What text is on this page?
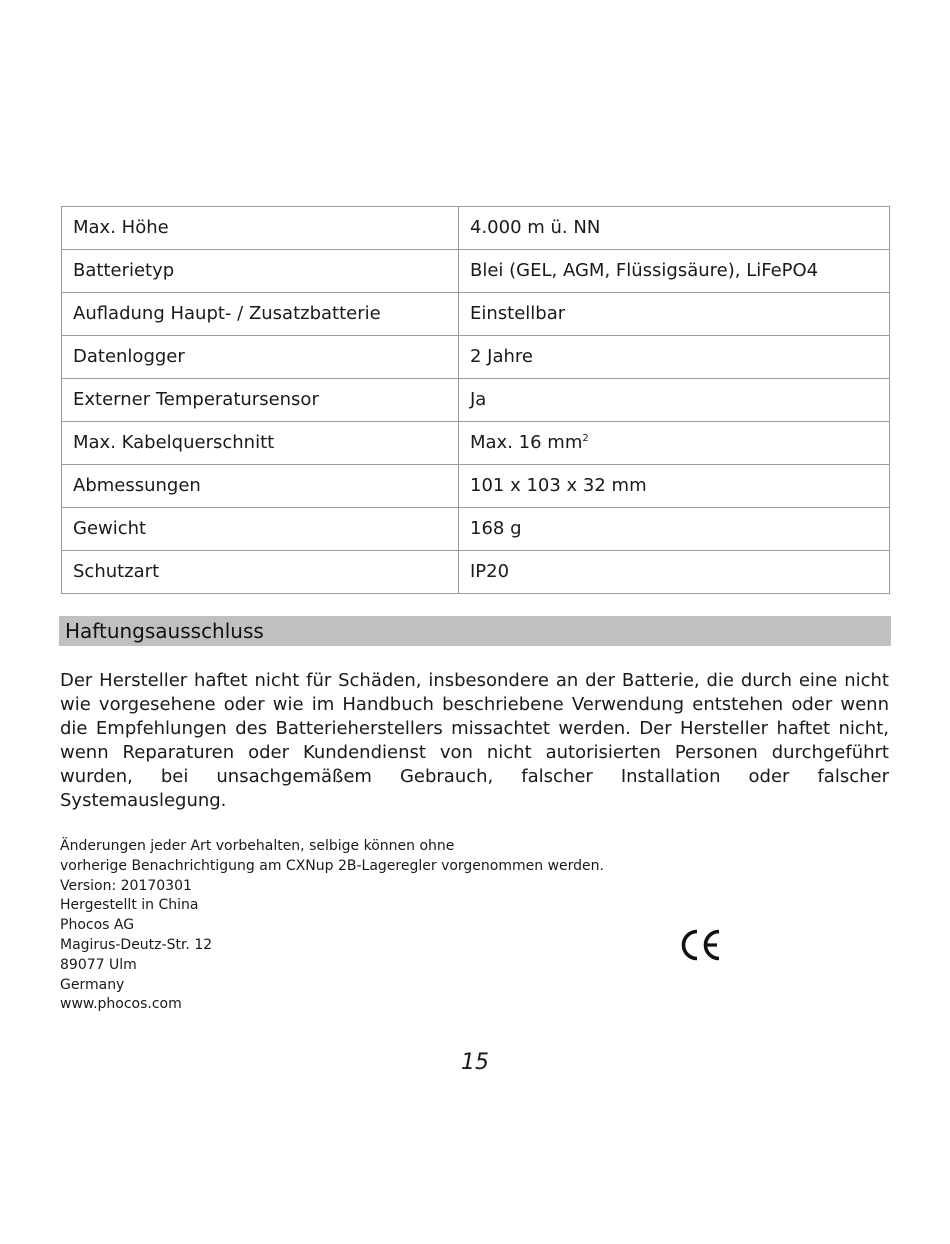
Max. Höhe	4.000 m ü. NN
Batterietyp	Blei (GEL, AGM, Flüssigsäure), LiFePO4
Aufladung Haupt- / Zusatzbatterie	Einstellbar
Datenlogger	2 Jahre
Externer Temperatursensor	Ja
Max. Kabelquerschnitt	Max. 16 $mm^2$
Abmessungen	101 x 103 x 32 mm
Gewicht	168 g
Schutzart	IP20
Haftungsausschluss

Der Hersteller haftet nicht für Schäden, insbesondere an der Batterie, die durch eine nicht wie vorgesehene oder wie im Handbuch beschriebene Verwendung entstehen oder wenn die Empfehlungen des Batterieherstellers missachtet werden. Der Hersteller haftet nicht, wenn Reparaturen oder Kundendienst von nicht autorisierten Personen durchgeführt wurden, bei unsachgemäßem Gebrauch, falscher Installation oder falscher Systemauslegung.

Änderungen jeder Art vorbehalten, selbige können ohne
vorherige Benachrichtigung am CXNup 2B-Lageregler vorgenommen werden.
Version: 20170301
Hergestellt in China
Phocos AG
Magirus-Deutz-Str. 12
89077 Ulm
Germany
www.phocos.com
15
